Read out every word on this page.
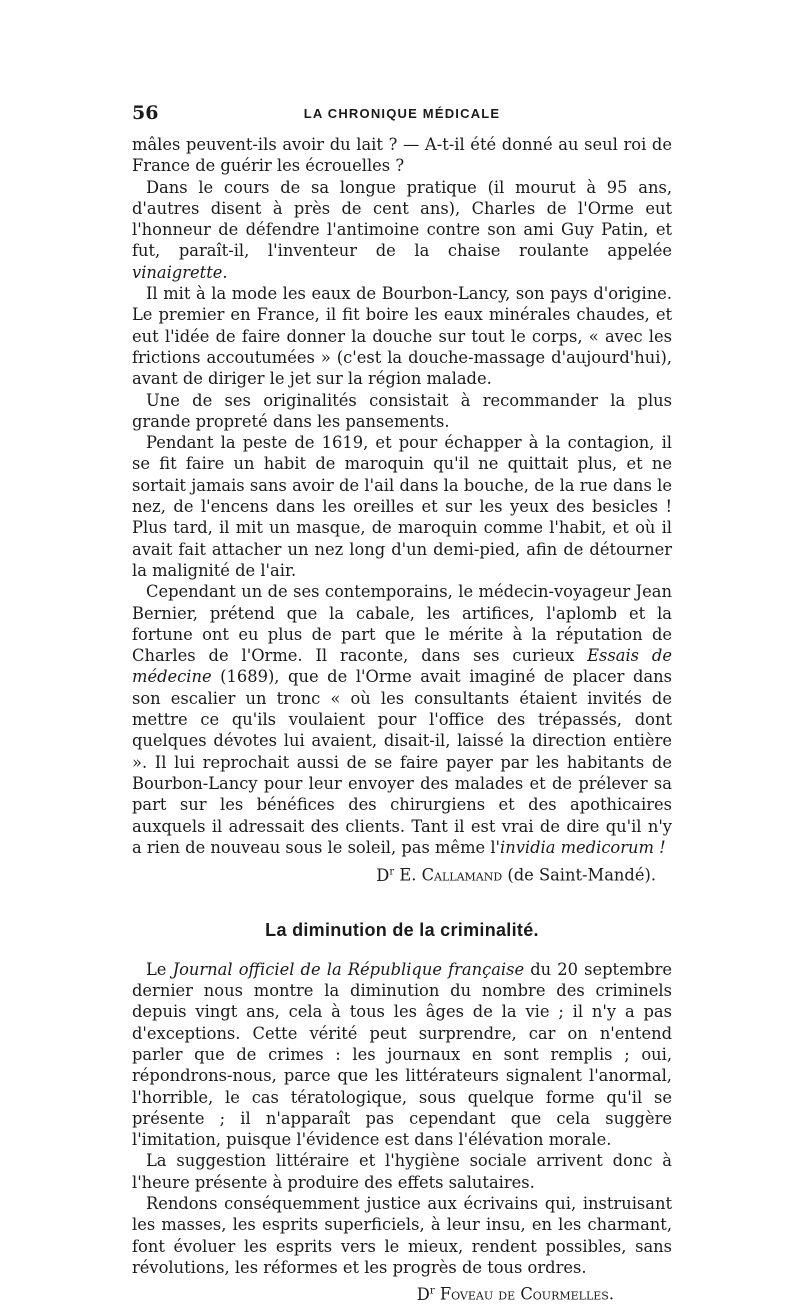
56	LA CHRONIQUE MÉDICALE

mâles peuvent-ils avoir du lait ? — A-t-il été donné au seul roi de France de guérir les écrouelles ?

Dans le cours de sa longue pratique (il mourut à 95 ans, d'autres disent à près de cent ans), Charles de l'Orme eut l'honneur de défendre l'antimoine contre son ami Guy Patin, et fut, paraît-il, l'inventeur de la chaise roulante appelée vinaigrette.

Il mit à la mode les eaux de Bourbon-Lancy, son pays d'origine. Le premier en France, il fit boire les eaux minérales chaudes, et eut l'idée de faire donner la douche sur tout le corps, « avec les frictions accoutumées » (c'est la douche-massage d'aujourd'hui), avant de diriger le jet sur la région malade.

Une de ses originalités consistait à recommander la plus grande propreté dans les pansements.

Pendant la peste de 1619, et pour échapper à la contagion, il se fit faire un habit de maroquin qu'il ne quittait plus, et ne sortait jamais sans avoir de l'ail dans la bouche, de la rue dans le nez, de l'encens dans les oreilles et sur les yeux des besicles ! Plus tard, il mit un masque, de maroquin comme l'habit, et où il avait fait attacher un nez long d'un demi-pied, afin de détourner la malignité de l'air.

Cependant un de ses contemporains, le médecin-voyageur Jean Bernier, prétend que la cabale, les artifices, l'aplomb et la fortune ont eu plus de part que le mérite à la réputation de Charles de l'Orme. Il raconte, dans ses curieux Essais de médecine (1689), que de l'Orme avait imaginé de placer dans son escalier un tronc « où les consultants étaient invités de mettre ce qu'ils voulaient pour l'office des trépassés, dont quelques dévotes lui avaient, disait-il, laissé la direction entière ». Il lui reprochait aussi de se faire payer par les habitants de Bourbon-Lancy pour leur envoyer des malades et de prélever sa part sur les bénéfices des chirurgiens et des apothicaires auxquels il adressait des clients. Tant il est vrai de dire qu'il n'y a rien de nouveau sous le soleil, pas même l'invidia medicorum !

$D^r$ E. Callamand (de Saint-Mandé).
La diminution de la criminalité.

Le Journal officiel de la République française du 20 septembre dernier nous montre la diminution du nombre des criminels depuis vingt ans, cela à tous les âges de la vie ; il n'y a pas d'exceptions. Cette vérité peut surprendre, car on n'entend parler que de crimes : les journaux en sont remplis ; oui, répondrons-nous, parce que les littérateurs signalent l'anormal, l'horrible, le cas tératologique, sous quelque forme qu'il se présente ; il n'apparaît pas cependant que cela suggère l'imitation, puisque l'évidence est dans l'élévation morale.

La suggestion littéraire et l'hygiène sociale arrivent donc à l'heure présente à produire des effets salutaires.

Rendons conséquemment justice aux écrivains qui, instruisant les masses, les esprits superficiels, à leur insu, en les charmant, font évoluer les esprits vers le mieux, rendent possibles, sans révolutions, les réformes et les progrès de tous ordres.

$D^r$ Foveau de Courmelles.
